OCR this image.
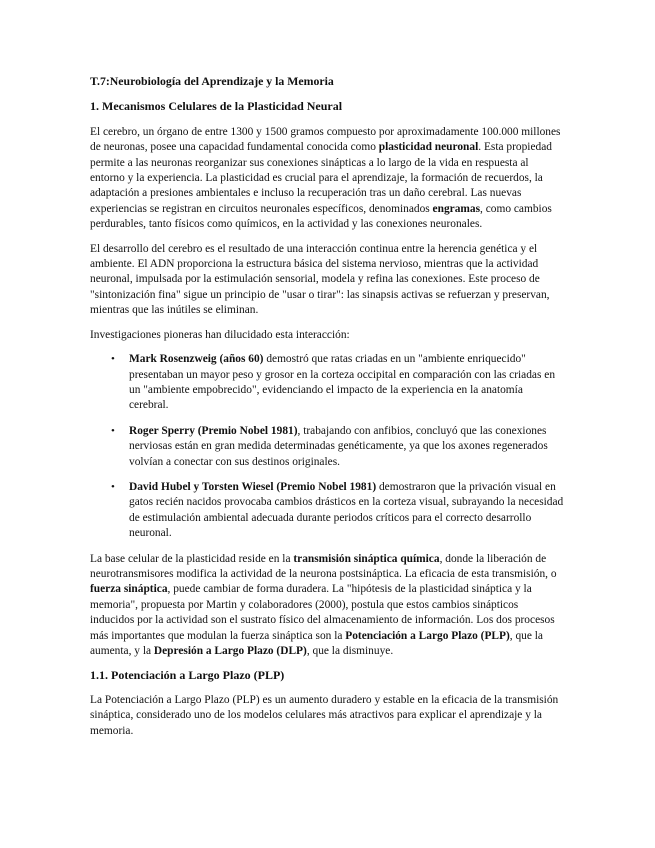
T.7:Neurobiología del Aprendizaje y la Memoria
1. Mecanismos Celulares de la Plasticidad Neural

El cerebro, un órgano de entre 1300 y 1500 gramos compuesto por aproximadamente 100.000 millones de neuronas, posee una capacidad fundamental conocida como plasticidad neuronal. Esta propiedad permite a las neuronas reorganizar sus conexiones sinápticas a lo largo de la vida en respuesta al entorno y la experiencia. La plasticidad es crucial para el aprendizaje, la formación de recuerdos, la adaptación a presiones ambientales e incluso la recuperación tras un daño cerebral. Las nuevas experiencias se registran en circuitos neuronales específicos, denominados engramas, como cambios perdurables, tanto físicos como químicos, en la actividad y las conexiones neuronales.

El desarrollo del cerebro es el resultado de una interacción continua entre la herencia genética y el ambiente. El ADN proporciona la estructura básica del sistema nervioso, mientras que la actividad neuronal, impulsada por la estimulación sensorial, modela y refina las conexiones. Este proceso de "sintonización fina" sigue un principio de "usar o tirar": las sinapsis activas se refuerzan y preservan, mientras que las inútiles se eliminan.

Investigaciones pioneras han dilucidado esta interacción:

• Mark Rosenzweig (años 60) demostró que ratas criadas en un "ambiente enriquecido" presentaban un mayor peso y grosor en la corteza occipital en comparación con las criadas en un "ambiente empobrecido", evidenciando el impacto de la experiencia en la anatomía cerebral.
• Roger Sperry (Premio Nobel 1981), trabajando con anfibios, concluyó que las conexiones nerviosas están en gran medida determinadas genéticamente, ya que los axones regenerados volvían a conectar con sus destinos originales.
• David Hubel y Torsten Wiesel (Premio Nobel 1981) demostraron que la privación visual en gatos recién nacidos provocaba cambios drásticos en la corteza visual, subrayando la necesidad de estimulación ambiental adecuada durante periodos críticos para el correcto desarrollo neuronal.

La base celular de la plasticidad reside en la transmisión sináptica química, donde la liberación de neurotransmisores modifica la actividad de la neurona postsináptica. La eficacia de esta transmisión, o fuerza sináptica, puede cambiar de forma duradera. La "hipótesis de la plasticidad sináptica y la memoria", propuesta por Martin y colaboradores (2000), postula que estos cambios sinápticos inducidos por la actividad son el sustrato físico del almacenamiento de información. Los dos procesos más importantes que modulan la fuerza sináptica son la Potenciación a Largo Plazo (PLP), que la aumenta, y la Depresión a Largo Plazo (DLP), que la disminuye.

1.1. Potenciación a Largo Plazo (PLP)

La Potenciación a Largo Plazo (PLP) es un aumento duradero y estable en la eficacia de la transmisión sináptica, considerado uno de los modelos celulares más atractivos para explicar el aprendizaje y la memoria.
